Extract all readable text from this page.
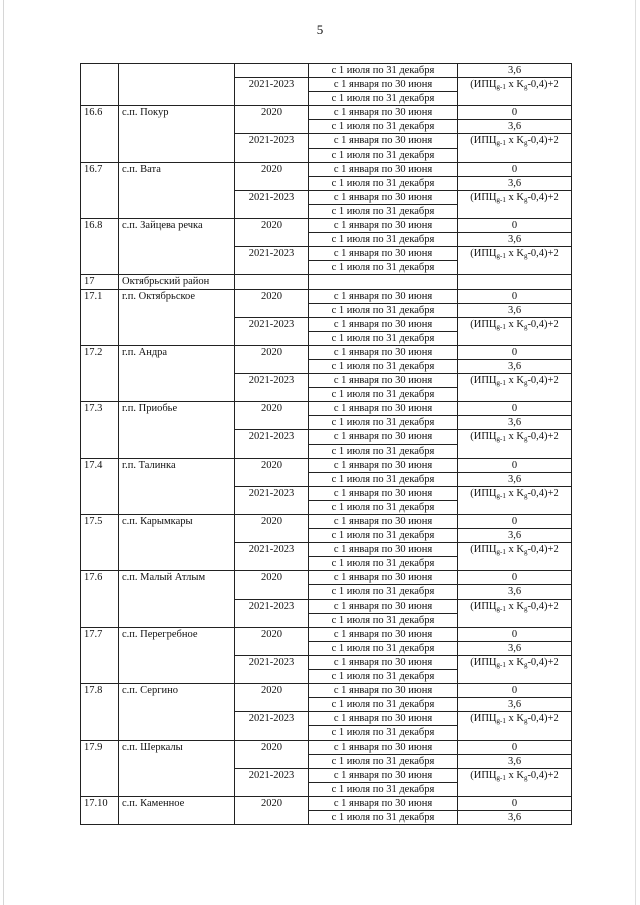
5
			с 1 июля по 31 декабря	3,6
		2021-2023	с 1 января по 30 июня	($ИПЦ_{g-1}$ x $K_g-0,4)+2$
			с 1 июля по 31 декабря	
16.6	с.п. Покур	2020	с 1 января по 30 июня	0
			с 1 июля по 31 декабря	3,6
		2021-2023	с 1 января по 30 июня	($ИПЦ_{g-1}$ x $K_g-0,4)+2$
			с 1 июля по 31 декабря	
16.7	с.п. Вата	2020	с 1 января по 30 июня	0
			с 1 июля по 31 декабря	3,6
		2021-2023	с 1 января по 30 июня	($ИПЦ_{g-1}$ x $K_g-0,4)+2$
			с 1 июля по 31 декабря	
16.8	с.п. Зайцева речка	2020	с 1 января по 30 июня	0
			с 1 июля по 31 декабря	3,6
		2021-2023	с 1 января по 30 июня	($ИПЦ_{g-1}$ x $K_g-0,4)+2$
			с 1 июля по 31 декабря	
17	Октябрьский район			
17.1	г.п. Октябрьское	2020	с 1 января по 30 июня	0
			с 1 июля по 31 декабря	3,6
		2021-2023	с 1 января по 30 июня	($ИПЦ_{g-1}$ x $K_g-0,4)+2$
			с 1 июля по 31 декабря	
17.2	г.п. Андра	2020	с 1 января по 30 июня	0
			с 1 июля по 31 декабря	3,6
		2021-2023	с 1 января по 30 июня	($ИПЦ_{g-1}$ x $K_g-0,4)+2$
			с 1 июля по 31 декабря	
17.3	г.п. Приобье	2020	с 1 января по 30 июня	0
			с 1 июля по 31 декабря	3,6
		2021-2023	с 1 января по 30 июня	($ИПЦ_{g-1}$ x $K_g-0,4)+2$
			с 1 июля по 31 декабря	
17.4	г.п. Талинка	2020	с 1 января по 30 июня	0
			с 1 июля по 31 декабря	3,6
		2021-2023	с 1 января по 30 июня	($ИПЦ_{g-1}$ x $K_g-0,4)+2$
			с 1 июля по 31 декабря	
17.5	с.п. Карымкары	2020	с 1 января по 30 июня	0
			с 1 июля по 31 декабря	3,6
		2021-2023	с 1 января по 30 июня	($ИПЦ_{g-1}$ x $K_g-0,4)+2$
			с 1 июля по 31 декабря	
17.6	с.п. Малый Атлым	2020	с 1 января по 30 июня	0
			с 1 июля по 31 декабря	3,6
		2021-2023	с 1 января по 30 июня	($ИПЦ_{g-1}$ x $K_g-0,4)+2$
			с 1 июля по 31 декабря	
17.7	с.п. Перегребное	2020	с 1 января по 30 июня	0
			с 1 июля по 31 декабря	3,6
		2021-2023	с 1 января по 30 июня	($ИПЦ_{g-1}$ x $K_g-0,4)+2$
			с 1 июля по 31 декабря	
17.8	с.п. Сергино	2020	с 1 января по 30 июня	0
			с 1 июля по 31 декабря	3,6
		2021-2023	с 1 января по 30 июня	($ИПЦ_{g-1}$ x $K_g-0,4)+2$
			с 1 июля по 31 декабря	
17.9	с.п. Шеркалы	2020	с 1 января по 30 июня	0
			с 1 июля по 31 декабря	3,6
		2021-2023	с 1 января по 30 июня	($ИПЦ_{g-1}$ x $K_g-0,4)+2$
			с 1 июля по 31 декабря	
17.10	с.п. Каменное	2020	с 1 января по 30 июня	0
			с 1 июля по 31 декабря	3,6
